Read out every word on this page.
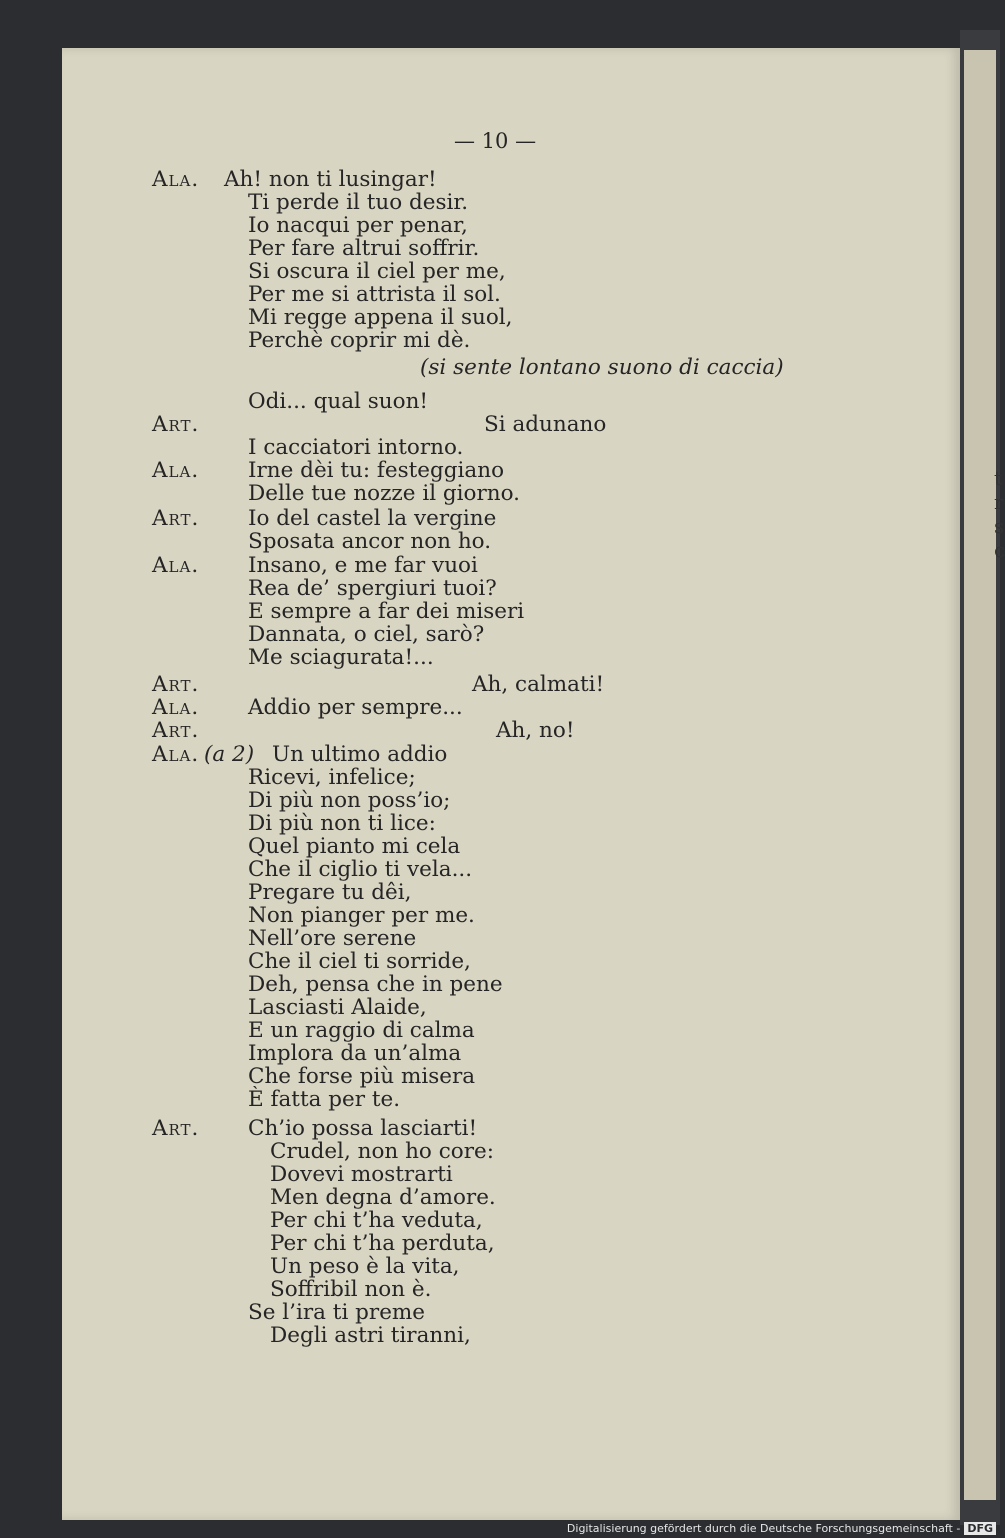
— 10 —
Ala.
Art.
Ala.
Art.
Ala.
Art.
Ala.
Art.
Ala.
Art.
Ah! non ti lusingar!
Ti perde il tuo desir.
Io nacqui per penar,
Per fare altrui soffrir.
Si oscura il ciel per me,
Per me si attrista il sol.
Mi regge appena il suol,
Perchè coprir mi dè.
(si sente lontano suono di caccia)
Odi... qual suon!
Si adunano
I cacciatori intorno.
Irne dèi tu: festeggiano
Delle tue nozze il giorno.
Io del castel la vergine
Sposata ancor non ho.
Insano, e me far vuoi
Rea de’ spergiuri tuoi?
E sempre a far dei miseri
Dannata, o ciel, sarò?
Me sciagurata!...
Ah, calmati!
Addio per sempre...
Ah, no!
(a 2) Un ultimo addio
Ricevi, infelice;
Di più non poss’io;
Di più non ti lice:
Quel pianto mi cela
Che il ciglio ti vela...
Pregare tu dêi,
Non pianger per me.
Nell’ore serene
Che il ciel ti sorride,
Deh, pensa che in pene
Lasciasti Alaide,
E un raggio di calma
Implora da un’alma
Che forse più misera
È fatta per te.
Ch’io possa lasciarti!
Crudel, non ho core:
Dovevi mostrarti
Men degna d’amore.
Per chi t’ha veduta,
Per chi t’ha perduta,
Un peso è la vita,
Soffribil non è.
Se l’ira ti preme
Degli astri tiranni,
t
r
s
c
Digitalisierung gefördert durch die Deutsche Forschungsgemeinschaft - DFG
